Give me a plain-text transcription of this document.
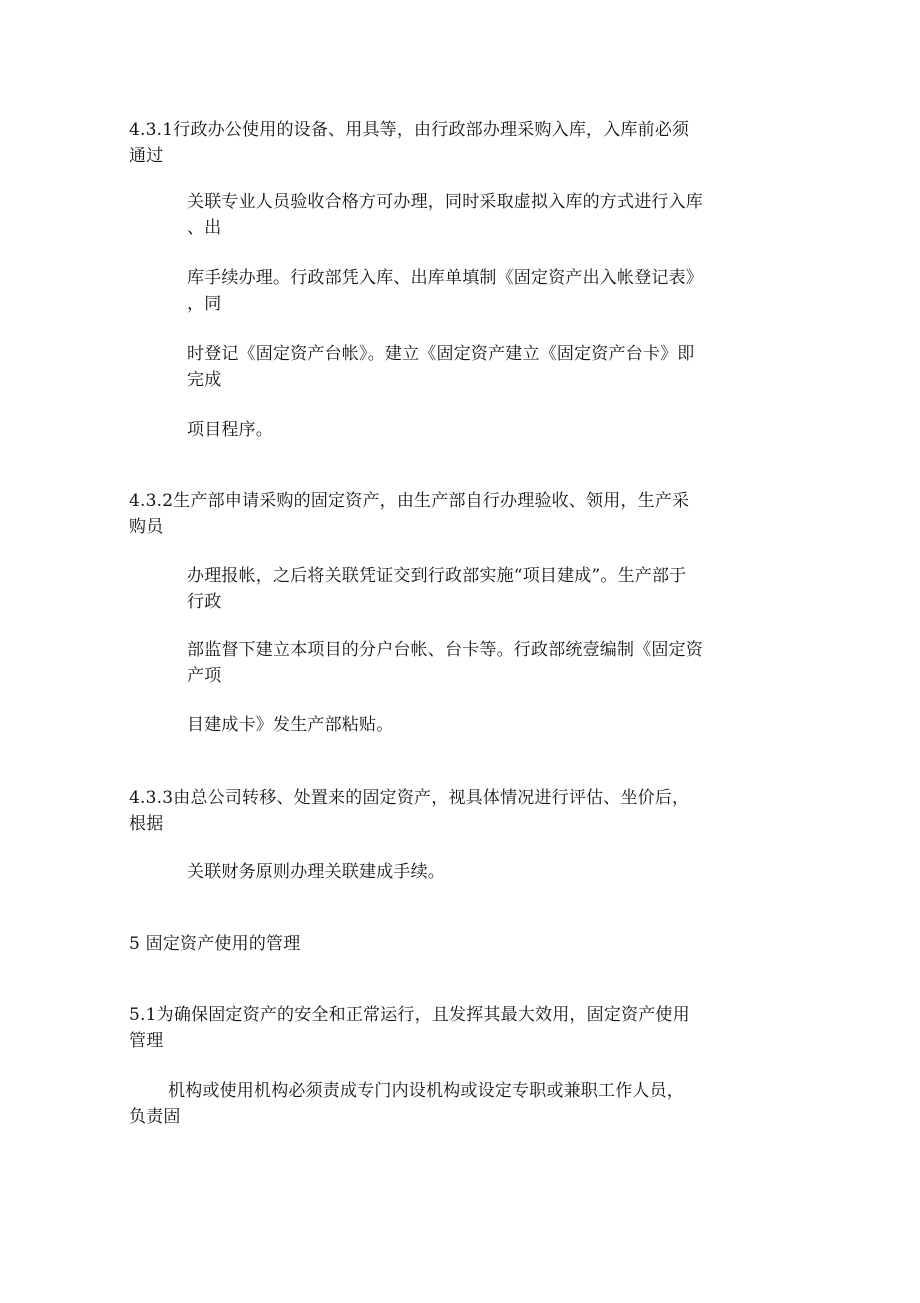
4.3.1行政办公使用的设备、用具等，由行政部办理采购入库，入库前必须

通过

关联专业人员验收合格方可办理，同时采取虚拟入库的方式进行入库

、出

库手续办理。行政部凭入库、出库单填制《固定资产出入帐登记表》

，同

时登记《固定资产台帐》。建立《固定资产建立《固定资产台卡》即

完成

项目程序。

4.3.2生产部申请采购的固定资产，由生产部自行办理验收、领用，生产采

购员

办理报帐，之后将关联凭证交到行政部实施“项目建成”。生产部于

行政

部监督下建立本项目的分户台帐、台卡等。行政部统壹编制《固定资

产项

目建成卡》发生产部粘贴。

4.3.3由总公司转移、处置来的固定资产，视具体情况进行评估、坐价后，

根据

关联财务原则办理关联建成手续。

5 固定资产使用的管理

5.1为确保固定资产的安全和正常运行，且发挥其最大效用，固定资产使用

管理

机构或使用机构必须责成专门内设机构或设定专职或兼职工作人员，

负责固
